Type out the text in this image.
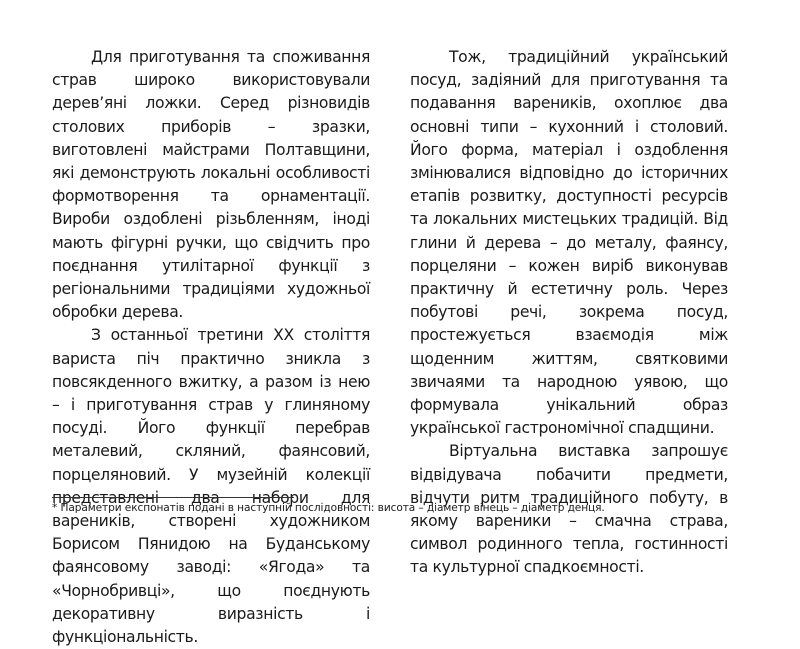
Для приготування та споживання страв широко використовували дерев’яні ложки. Серед різновидів столових приборів – зразки, виготовлені майстрами Полтавщини, які демонструють локальні особливості формотворення та орнаментації. Вироби оздоблені різьбленням, іноді мають фігурні ручки, що свідчить про поєднання утилітарної функції з регіональними традиціями художньої обробки дерева.

З останньої третини ХХ століття вариста піч практично зникла з повсякденного вжитку, а разом із нею – і приготування страв у глиняному посуді. Його функції перебрав металевий, скляний, фаянсовий, порцеляновий. У музейній колекції представлені два набори для вареників, створені художником Борисом Пянидою на Буданському фаянсовому заводі: «Ягода» та «Чорнобривці», що поєднують декоративну виразність і функціональність.

Тож, традиційний український посуд, задіяний для приготування та подавання вареників, охоплює два основні типи – кухонний і столовий. Його форма, матеріал і оздоблення змінювалися відповідно до історичних етапів розвитку, доступності ресурсів та локальних мистецьких традицій. Від глини й дерева – до металу, фаянсу, порцеляни – кожен виріб виконував практичну й естетичну роль. Через побутові речі, зокрема посуд, простежується взаємодія між щоденним життям, святковими звичаями та народною уявою, що формувала унікальний образ української гастрономічної спадщини.

Віртуальна виставка запрошує відвідувача побачити предмети, відчути ритм традиційного побуту, в якому вареники – смачна страва, символ родинного тепла, гостинності та культурної спадкоємності.

* Параметри експонатів подані в наступній послідовності: висота – діаметр вінець – діаметр денця.
